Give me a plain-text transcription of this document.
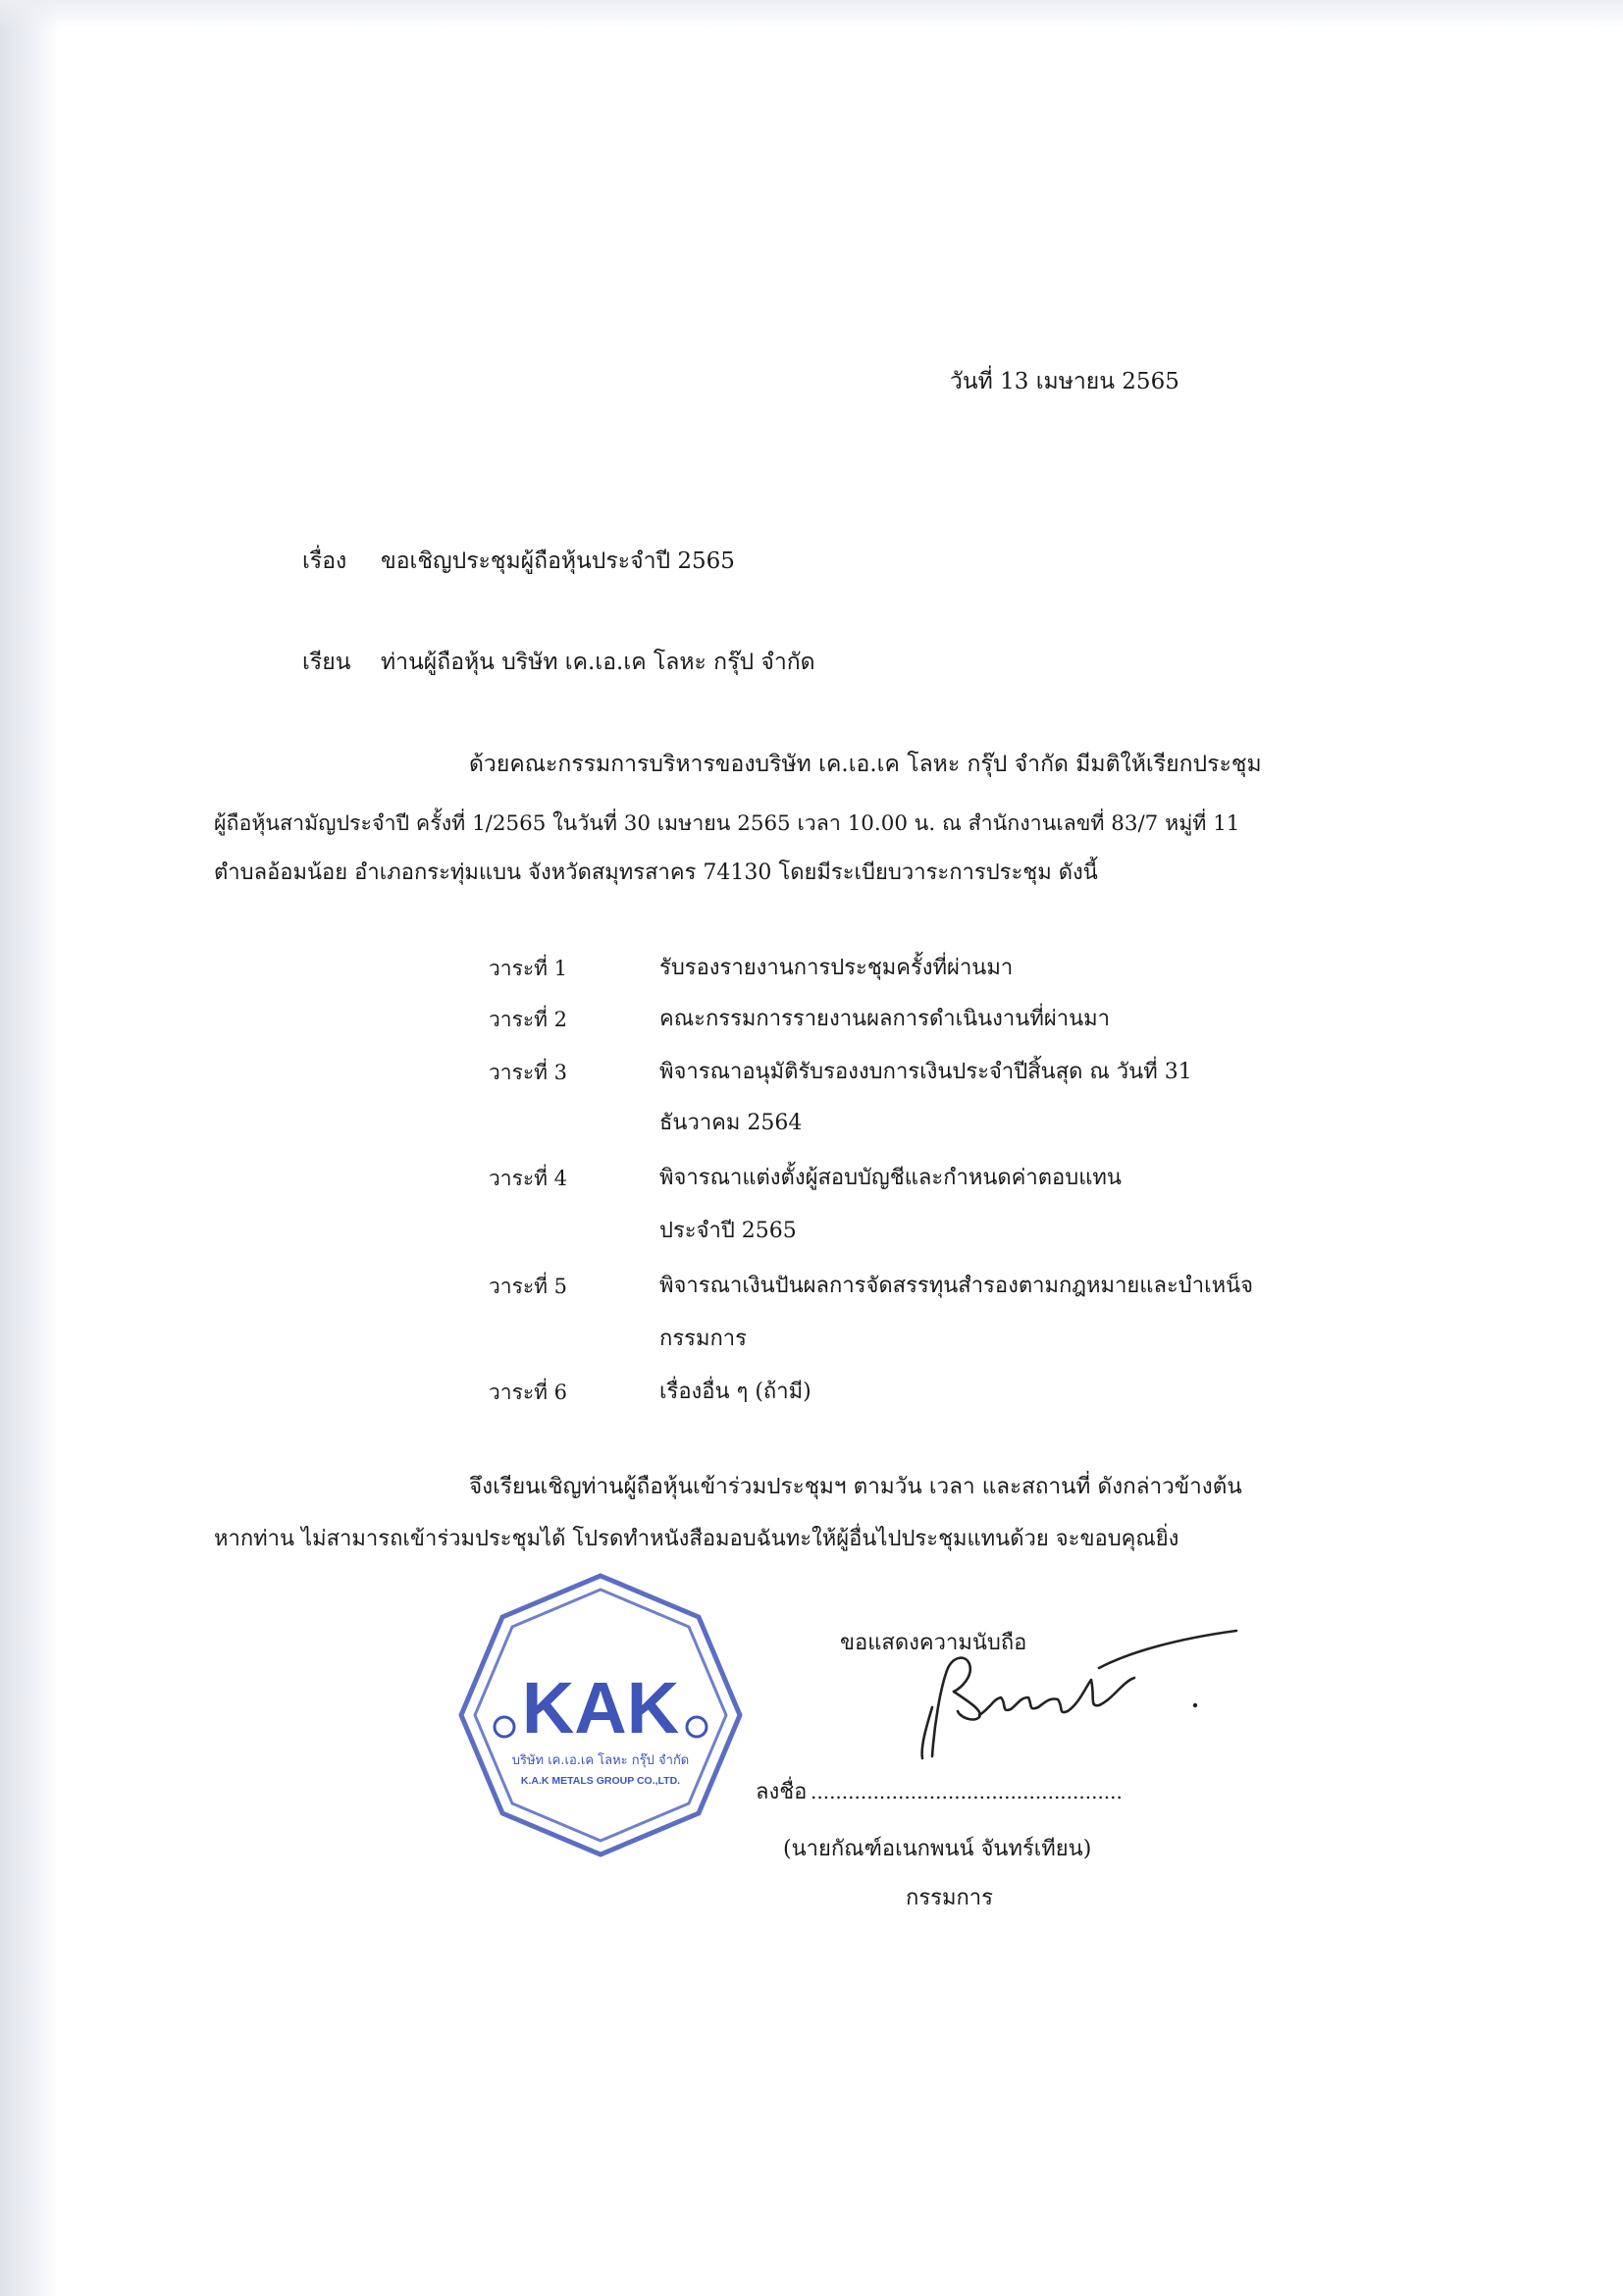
วันที่ 13 เมษายน 2565
เรื่อง ขอเชิญประชุมผู้ถือหุ้นประจำปี 2565
เรียน ท่านผู้ถือหุ้น บริษัท เค.เอ.เค โลหะ กรุ๊ป จำกัด
ด้วยคณะกรรมการบริหารของบริษัท เค.เอ.เค โลหะ กรุ๊ป จำกัด มีมติให้เรียกประชุม
ผู้ถือหุ้นสามัญประจำปี ครั้งที่ 1/2565 ในวันที่ 30 เมษายน 2565 เวลา 10.00 น. ณ สำนักงานเลขที่ 83/7 หมู่ที่ 11
ตำบลอ้อมน้อย อำเภอกระทุ่มแบน จังหวัดสมุทรสาคร 74130 โดยมีระเบียบวาระการประชุม ดังนี้
วาระที่ 1	รับรองรายงานการประชุมครั้งที่ผ่านมา
วาระที่ 2	คณะกรรมการรายงานผลการดำเนินงานที่ผ่านมา
วาระที่ 3	พิจารณาอนุมัติรับรองงบการเงินประจำปีสิ้นสุด ณ วันที่ 31
ธันวาคม 2564
วาระที่ 4	พิจารณาแต่งตั้งผู้สอบบัญชีและกำหนดค่าตอบแทน
ประจำปี 2565
วาระที่ 5	พิจารณาเงินปันผลการจัดสรรทุนสำรองตามกฎหมายและบำเหน็จ
กรรมการ
วาระที่ 6	เรื่องอื่น ๆ (ถ้ามี)
จึงเรียนเชิญท่านผู้ถือหุ้นเข้าร่วมประชุมฯ ตามวัน เวลา และสถานที่ ดังกล่าวข้างต้น
หากท่าน ไม่สามารถเข้าร่วมประชุมได้ โปรดทำหนังสือมอบฉันทะให้ผู้อื่นไปประชุมแทนด้วย จะขอบคุณยิ่ง
ขอแสดงความนับถือ
KAK
บริษัท เค.เอ.เค โลหะ กรุ๊ป จำกัด
K.A.K METALS GROUP CO.,LTD.	ลงชื่อ ..................................................
(นายกัณฑ์อเนกพนน์ จันทร์เทียน)
กรรมการ
